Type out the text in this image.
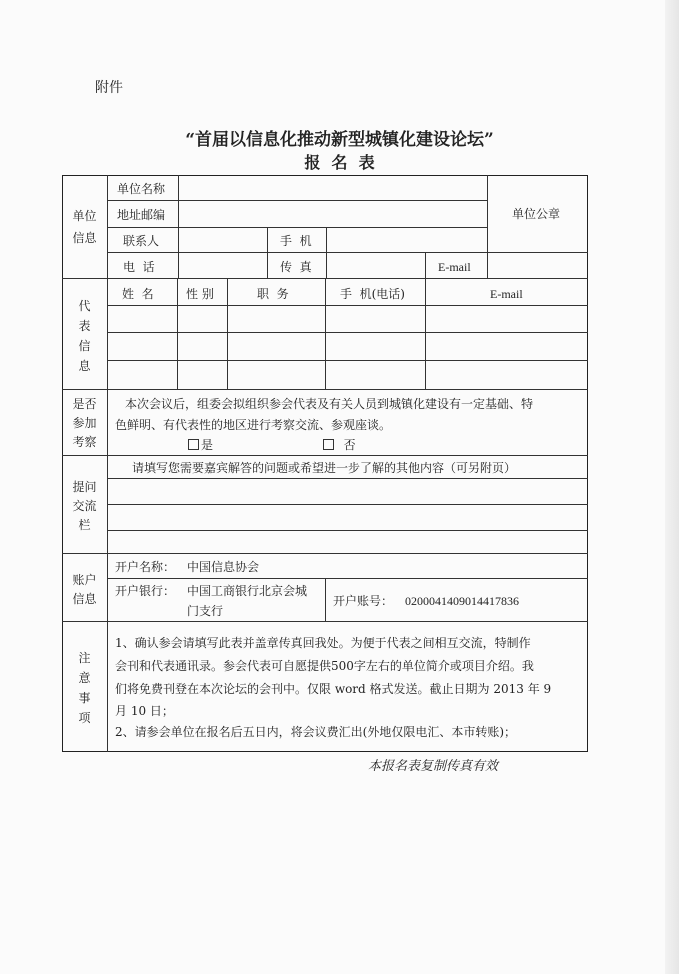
附件
“首届以信息化推动新型城镇化建设论坛”
报  名  表
单位
信息
单位名称
地址邮编
联系人	手  机
电  话	传  真	E-mail
单位公章
代
表
信
息
姓  名	性 别	职  务	手  机(电话)	E-mail
是否
参加
考察
本次会议后，组委会拟组织参会代表及有关人员到城镇化建设有一定基础、特
色鲜明、有代表性的地区进行考察交流、参观座谈。
是	否
提问
交流
栏
请填写您需要嘉宾解答的问题或希望进一步了解的其他内容（可另附页）
账户
信息
开户名称： 中国信息协会
开户银行： 中国工商银行北京会城
门支行
开户账号： 0200041409014417836
注
意
事
项
1、确认参会请填写此表并盖章传真回我处。为便于代表之间相互交流，特制作
会刊和代表通讯录。参会代表可自愿提供500字左右的单位简介或项目介绍。我
们将免费刊登在本次论坛的会刊中。仅限 word 格式发送。截止日期为 2013 年 9
月 10 日；
2、请参会单位在报名后五日内，将会议费汇出(外地仅限电汇、本市转账)；
本报名表复制传真有效
